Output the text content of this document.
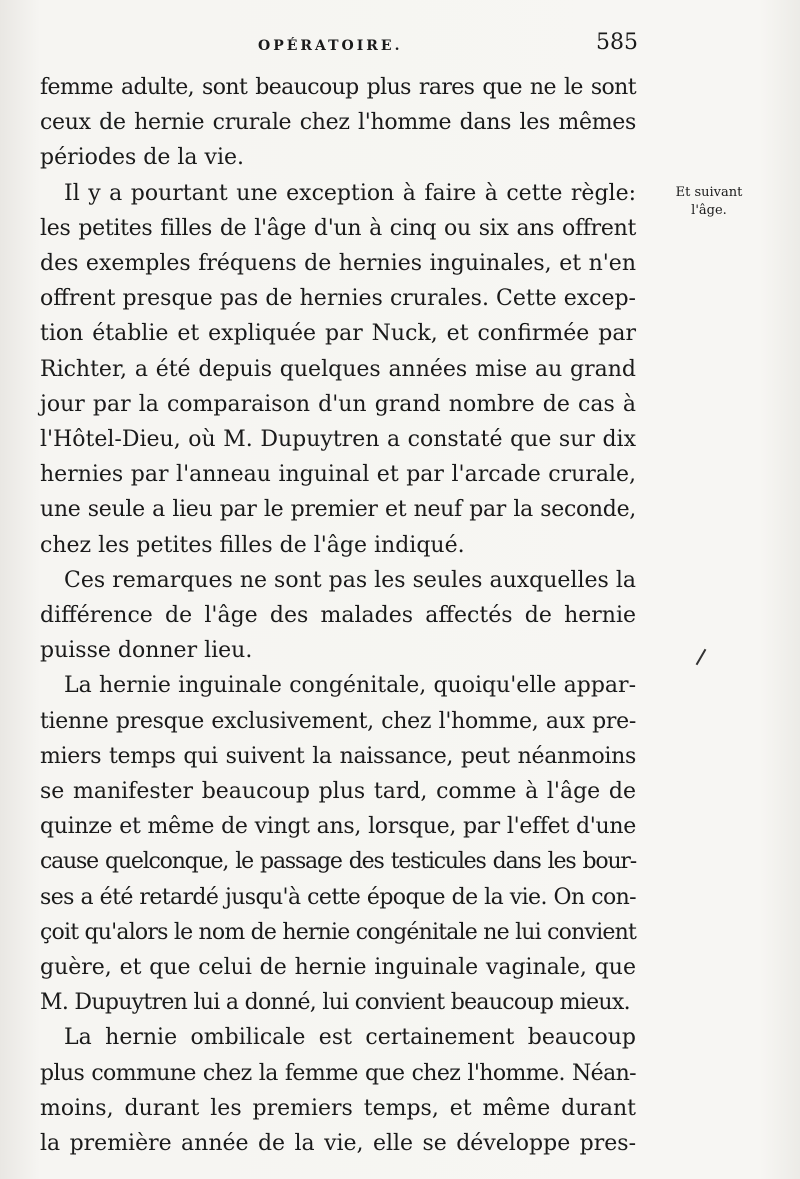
OPÉRATOIRE.	585
Et suivant
l'âge.

femme adulte, sont beaucoup plus rares que ne le sont
ceux de hernie crurale chez l'homme dans les mêmes
périodes de la vie.

Il y a pourtant une exception à faire à cette règle:
les petites filles de l'âge d'un à cinq ou six ans offrent
des exemples fréquens de hernies inguinales, et n'en
offrent presque pas de hernies crurales. Cette excep-
tion établie et expliquée par Nuck, et confirmée par
Richter, a été depuis quelques années mise au grand
jour par la comparaison d'un grand nombre de cas à
l'Hôtel-Dieu, où M. Dupuytren a constaté que sur dix
hernies par l'anneau inguinal et par l'arcade crurale,
une seule a lieu par le premier et neuf par la seconde,
chez les petites filles de l'âge indiqué.

Ces remarques ne sont pas les seules auxquelles la
différence de l'âge des malades affectés de hernie
puisse donner lieu.

La hernie inguinale congénitale, quoiqu'elle appar-
tienne presque exclusivement, chez l'homme, aux pre-
miers temps qui suivent la naissance, peut néanmoins
se manifester beaucoup plus tard, comme à l'âge de
quinze et même de vingt ans, lorsque, par l'effet d'une
cause quelconque, le passage des testicules dans les bour-
ses a été retardé jusqu'à cette époque de la vie. On con-
çoit qu'alors le nom de hernie congénitale ne lui convient
guère, et que celui de hernie inguinale vaginale, que
M. Dupuytren lui a donné, lui convient beaucoup mieux.

La hernie ombilicale est certainement beaucoup
plus commune chez la femme que chez l'homme. Néan-
moins, durant les premiers temps, et même durant
la première année de la vie, elle se développe pres-
